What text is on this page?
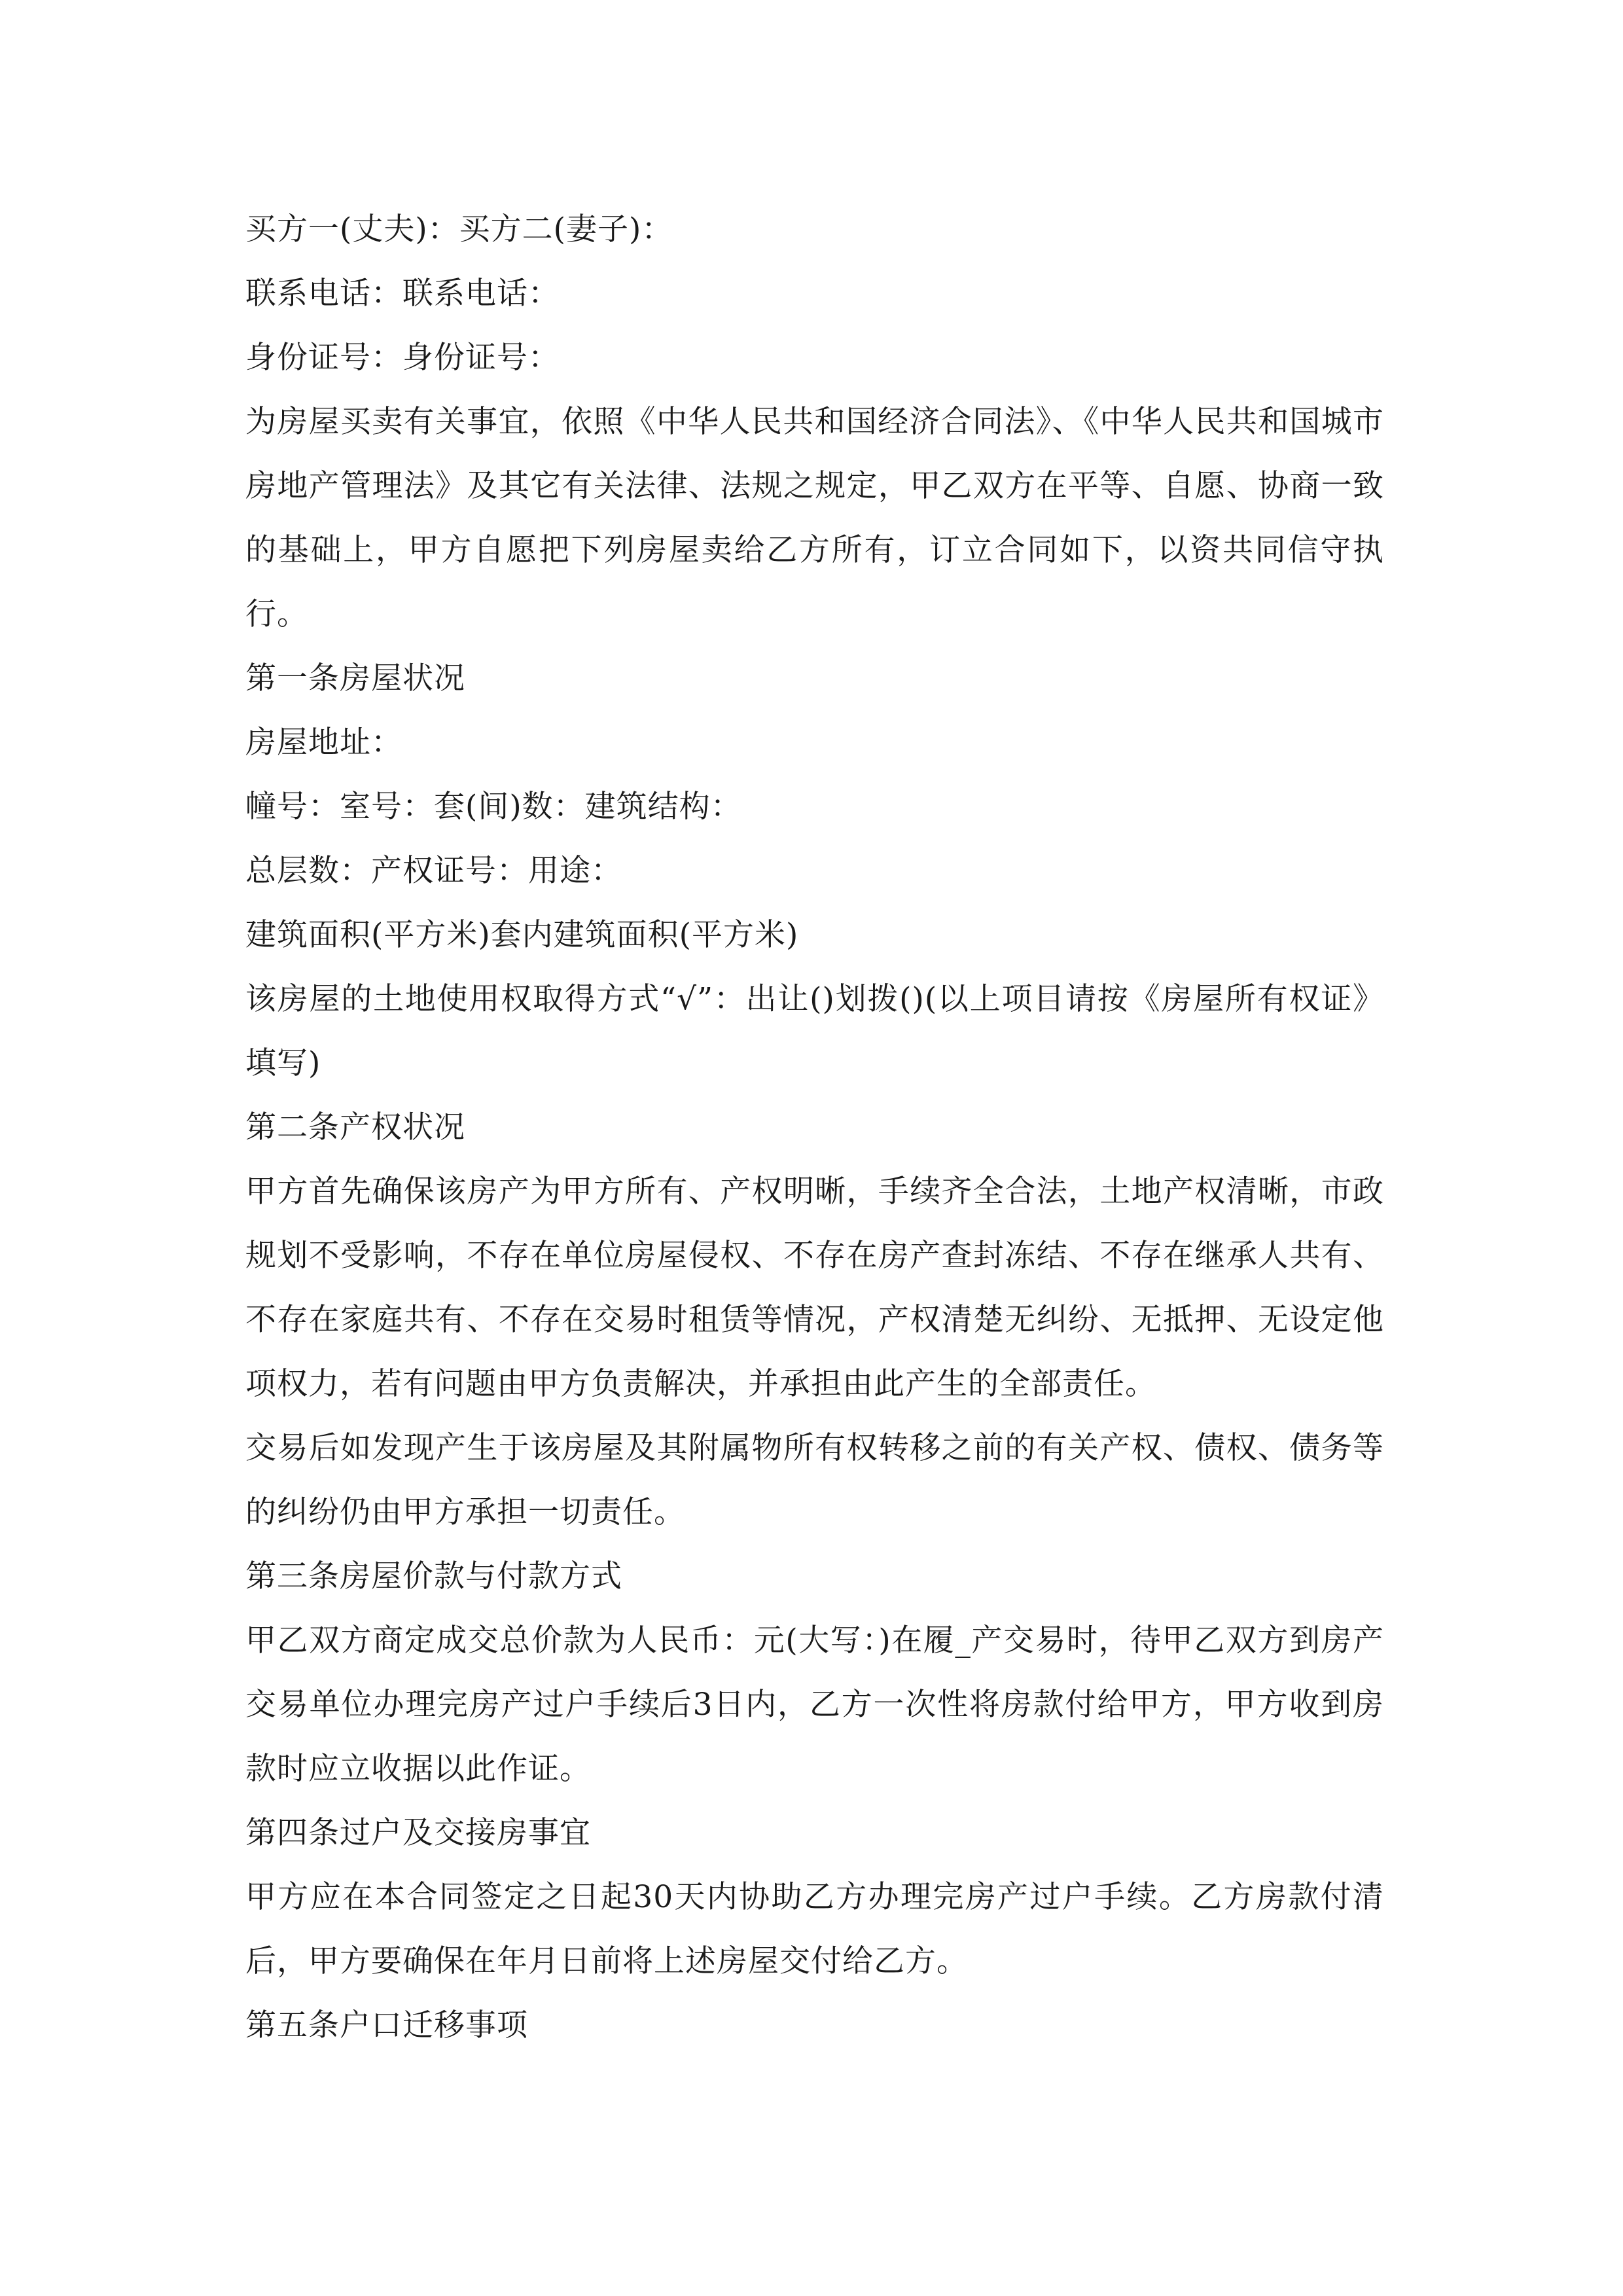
买方一(丈夫)：买方二(妻子)：

联系电话：联系电话：

身份证号：身份证号：

为房屋买卖有关事宜，依照《中华人民共和国经济合同法》、《中华人民共和国城市房地产管理法》及其它有关法律、法规之规定，甲乙双方在平等、自愿、协商一致的基础上，甲方自愿把下列房屋卖给乙方所有，订立合同如下，以资共同信守执行。

第一条房屋状况

房屋地址：

幢号：室号：套(间)数：建筑结构：

总层数：产权证号：用途：

建筑面积(平方米)套内建筑面积(平方米)

该房屋的土地使用权取得方式“√”：出让()划拨()(以上项目请按《房屋所有权证》填写)

第二条产权状况

甲方首先确保该房产为甲方所有、产权明晰，手续齐全合法，土地产权清晰，市政规划不受影响，不存在单位房屋侵权、不存在房产查封冻结、不存在继承人共有、不存在家庭共有、不存在交易时租赁等情况，产权清楚无纠纷、无抵押、无设定他项权力，若有问题由甲方负责解决，并承担由此产生的全部责任。

交易后如发现产生于该房屋及其附属物所有权转移之前的有关产权、债权、债务等的纠纷仍由甲方承担一切责任。

第三条房屋价款与付款方式

甲乙双方商定成交总价款为人民币：元(大写：)在履_产交易时，待甲乙双方到房产交易单位办理完房产过户手续后3日内，乙方一次性将房款付给甲方，甲方收到房款时应立收据以此作证。

第四条过户及交接房事宜

甲方应在本合同签定之日起30天内协助乙方办理完房产过户手续。乙方房款付清后，甲方要确保在年月日前将上述房屋交付给乙方。

第五条户口迁移事项
